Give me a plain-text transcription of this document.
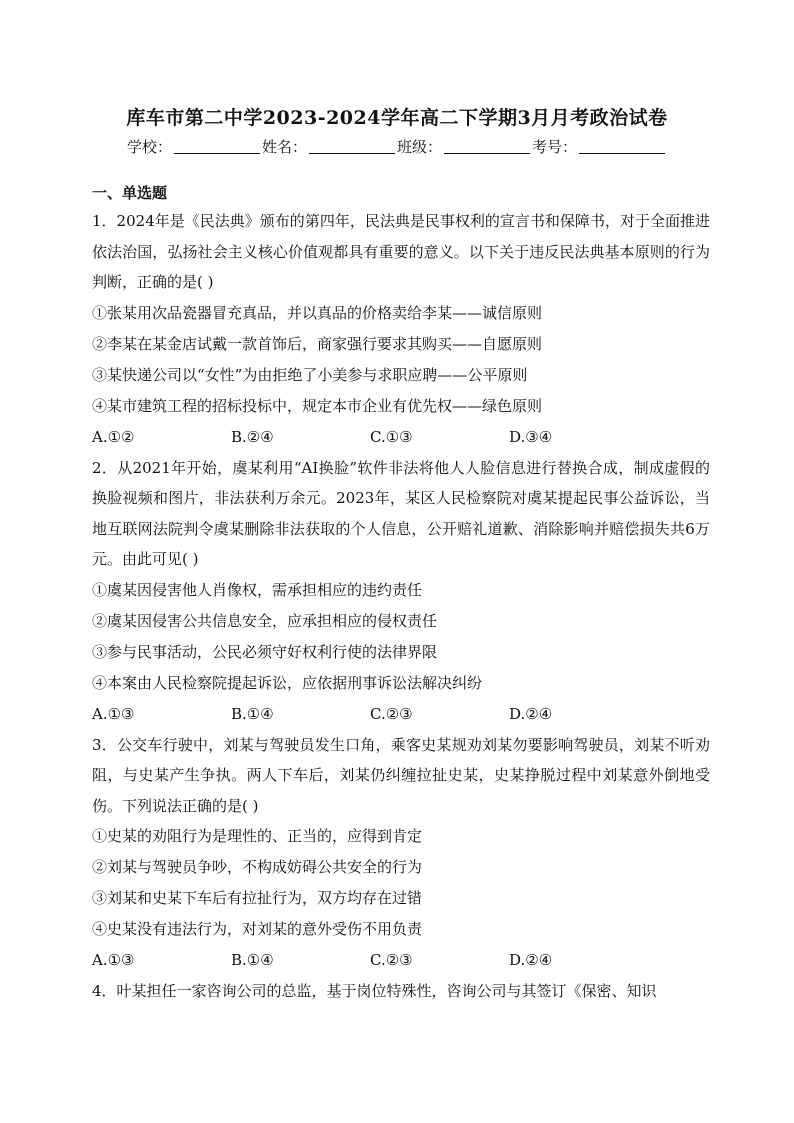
库车市第二中学2023-2024学年高二下学期3月月考政治试卷
学校：	姓名：	班级：	考号：
一、单选题

1．2024年是《民法典》颁布的第四年，民法典是民事权利的宣言书和保障书，对于全面推进依法治国，弘扬社会主义核心价值观都具有重要的意义。以下关于违反民法典基本原则的行为判断，正确的是( )

①张某用次品瓷器冒充真品，并以真品的价格卖给李某——诚信原则

②李某在某金店试戴一款首饰后，商家强行要求其购买——自愿原则

③某快递公司以“女性”为由拒绝了小美参与求职应聘——公平原则

④某市建筑工程的招标投标中，规定本市企业有优先权——绿色原则

A.①②	B.②④	C.①③	D.③④

2．从2021年开始，虞某利用“AI换脸”软件非法将他人人脸信息进行替换合成，制成虚假的换脸视频和图片，非法获利万余元。2023年，某区人民检察院对虞某提起民事公益诉讼，当地互联网法院判令虞某删除非法获取的个人信息，公开赔礼道歉、消除影响并赔偿损失共6万元。由此可见( )

①虞某因侵害他人肖像权，需承担相应的违约责任

②虞某因侵害公共信息安全，应承担相应的侵权责任

③参与民事活动，公民必须守好权利行使的法律界限

④本案由人民检察院提起诉讼，应依据刑事诉讼法解决纠纷

A.①③	B.①④	C.②③	D.②④

3．公交车行驶中，刘某与驾驶员发生口角，乘客史某规劝刘某勿要影响驾驶员，刘某不听劝阻，与史某产生争执。两人下车后，刘某仍纠缠拉扯史某，史某挣脱过程中刘某意外倒地受伤。下列说法正确的是( )

①史某的劝阻行为是理性的、正当的，应得到肯定

②刘某与驾驶员争吵，不构成妨碍公共安全的行为

③刘某和史某下车后有拉扯行为，双方均存在过错

④史某没有违法行为，对刘某的意外受伤不用负责

A.①③	B.①④	C.②③	D.②④

4．叶某担任一家咨询公司的总监，基于岗位特殊性，咨询公司与其签订《保密、知识
